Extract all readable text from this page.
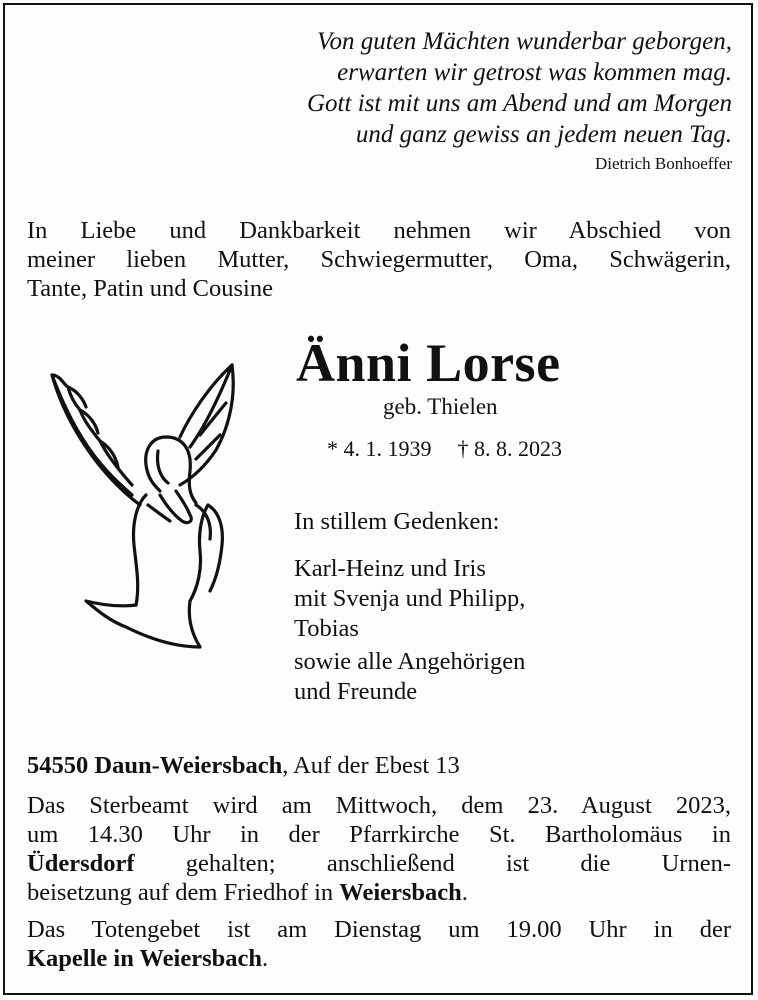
Von guten Mächten wunderbar geborgen,
erwarten wir getrost was kommen mag.
Gott ist mit uns am Abend und am Morgen
und ganz gewiss an jedem neuen Tag.
Dietrich Bonhoeffer
In Liebe und Dankbarkeit nehmen wir Abschied von
meiner lieben Mutter, Schwiegermutter, Oma, Schwägerin,
Tante, Patin und Cousine
Änni Lorse
geb. Thielen
* 4. 1. 1939 † 8. 8. 2023
In stillem Gedenken:
Karl-Heinz und Iris
mit Svenja und Philipp,
Tobias
sowie alle Angehörigen
und Freunde
54550 Daun-Weiersbach, Auf der Ebest 13
Das Sterbeamt wird am Mittwoch, dem 23. August 2023,
um 14.30 Uhr in der Pfarrkirche St. Bartholomäus in
Üdersdorf gehalten; anschließend ist die Urnen-
beisetzung auf dem Friedhof in Weiersbach.
Das Totengebet ist am Dienstag um 19.00 Uhr in der
Kapelle in Weiersbach.
